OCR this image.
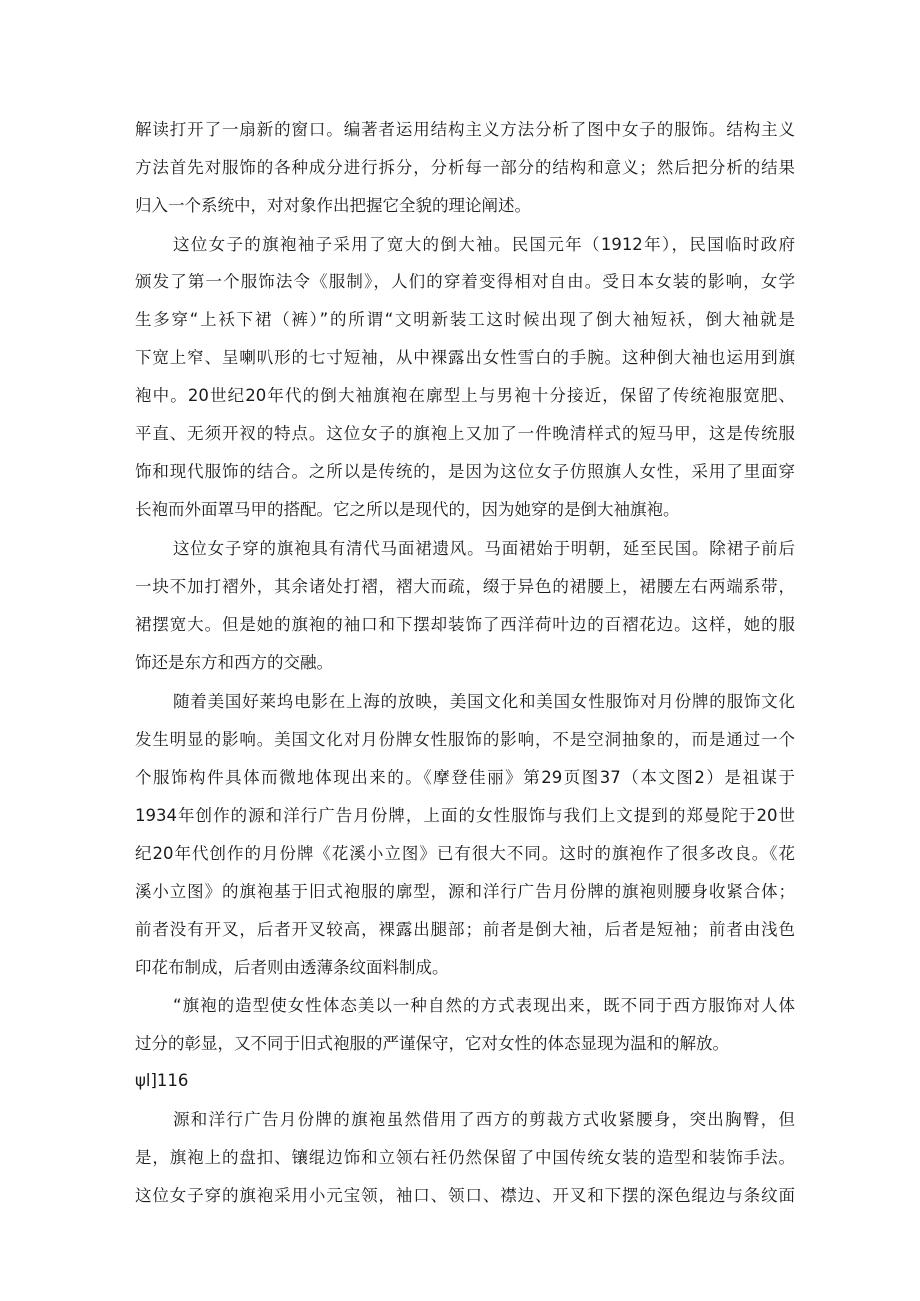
解读打开了一扇新的窗口。编著者运用结构主义方法分析了图中女子的服饰。结构主义
方法首先对服饰的各种成分进行拆分，分析每一部分的结构和意义；然后把分析的结果
归入一个系统中，对对象作出把握它全貌的理论阐述。
这位女子的旗袍袖子采用了宽大的倒大袖。民国元年（1912年），民国临时政府
颁发了第一个服饰法令《服制》，人们的穿着变得相对自由。受日本女装的影响，女学
生多穿“上袄下裙（裤）”的所谓“文明新装工这时候出现了倒大袖短袄，倒大袖就是
下宽上窄、呈喇叭形的七寸短袖，从中裸露出女性雪白的手腕。这种倒大袖也运用到旗
袍中。20世纪20年代的倒大袖旗袍在廓型上与男袍十分接近，保留了传统袍服宽肥、
平直、无须开衩的特点。这位女子的旗袍上又加了一件晚清样式的短马甲，这是传统服
饰和现代服饰的结合。之所以是传统的，是因为这位女子仿照旗人女性，采用了里面穿
长袍而外面罩马甲的搭配。它之所以是现代的，因为她穿的是倒大袖旗袍。
这位女子穿的旗袍具有清代马面裙遗风。马面裙始于明朝，延至民国。除裙子前后
一块不加打褶外，其余诸处打褶，褶大而疏，缀于异色的裙腰上，裙腰左右两端系带，
裙摆宽大。但是她的旗袍的袖口和下摆却装饰了西洋荷叶边的百褶花边。这样，她的服
饰还是东方和西方的交融。
随着美国好莱坞电影在上海的放映，美国文化和美国女性服饰对月份牌的服饰文化
发生明显的影响。美国文化对月份牌女性服饰的影响，不是空洞抽象的，而是通过一个
个服饰构件具体而微地体现出来的。《摩登佳丽》第29页图37（本文图2）是祖谋于
1934年创作的源和洋行广告月份牌，上面的女性服饰与我们上文提到的郑曼陀于20世
纪20年代创作的月份牌《花溪小立图》已有很大不同。这时的旗袍作了很多改良。《花
溪小立图》的旗袍基于旧式袍服的廓型，源和洋行广告月份牌的旗袍则腰身收紧合体；
前者没有开叉，后者开叉较高，裸露出腿部；前者是倒大袖，后者是短袖；前者由浅色
印花布制成，后者则由透薄条纹面料制成。
“旗袍的造型使女性体态美以一种自然的方式表现出来，既不同于西方服饰对人体
过分的彰显，又不同于旧式袍服的严谨保守，它对女性的体态显现为温和的解放。
ψl]116
源和洋行广告月份牌的旗袍虽然借用了西方的剪裁方式收紧腰身，突出胸臀，但
是，旗袍上的盘扣、镶绲边饰和立领右衽仍然保留了中国传统女装的造型和装饰手法。
这位女子穿的旗袍采用小元宝领，袖口、领口、襟边、开叉和下摆的深色绲边与条纹面
